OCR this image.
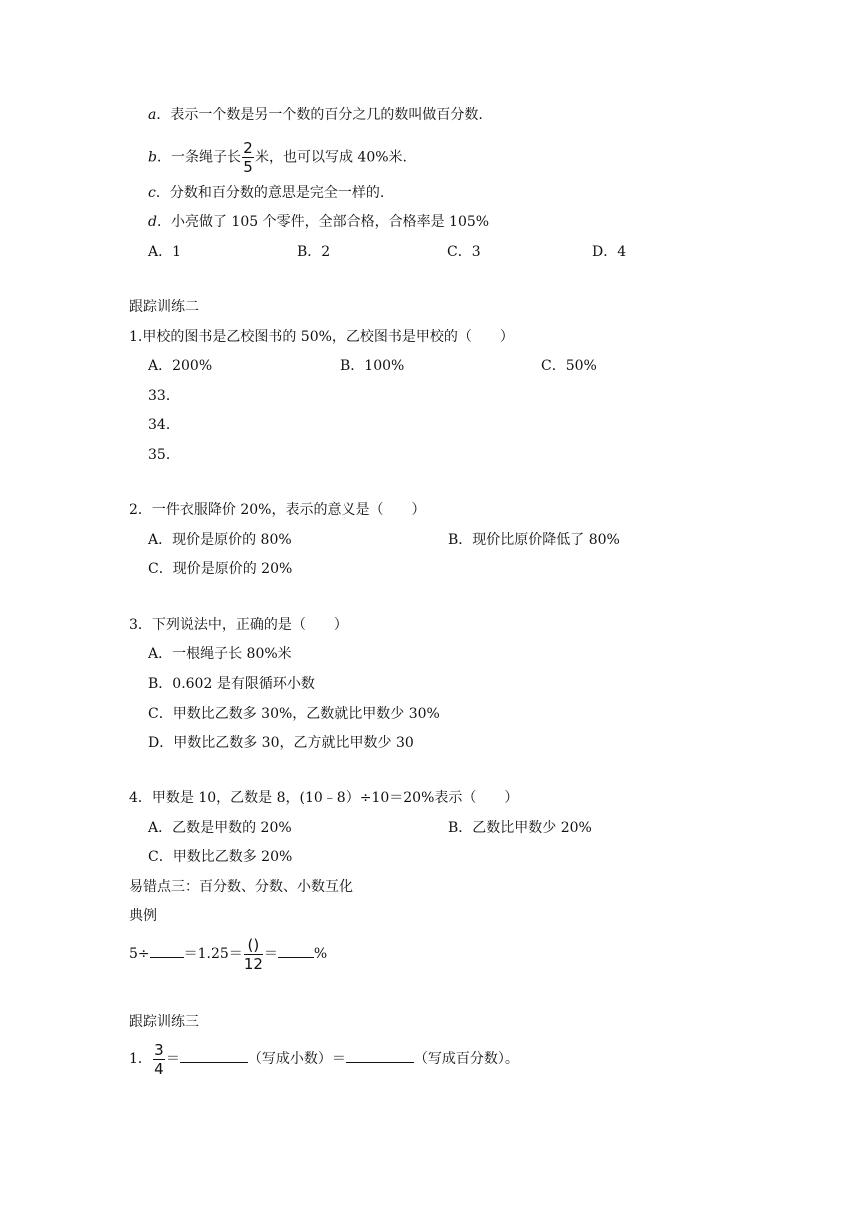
a．表示一个数是另一个数的百分之几的数叫做百分数.
b．一条绳子长 $\frac{2}{5}$ 米，也可以写成 40%米.
c．分数和百分数的意思是完全一样的.
d．小亮做了 105 个零件，全部合格，合格率是 105%
A．1	B．2	C．3	D．4
跟踪训练二
1.甲校的图书是乙校图书的 50%，乙校图书是甲校的（　　）
A．200%	B．100%	C．50%
33．
34．
35．
2．一件衣服降价 20%，表示的意义是（　　）
A．现价是原价的 80%	B．现价比原价降低了 80%
C．现价是原价的 20%
3．下列说法中，正确的是（　　）
A．一根绳子长 80%米
B．0.602 是有限循环小数
C．甲数比乙数多 30%，乙数就比甲数少 30%
D．甲数比乙数多 30，乙方就比甲数少 30
4．甲数是 10，乙数是 8，(10﹣8）÷10＝20%表示（　　）
A．乙数是甲数的 20%	B．乙数比甲数少 20%
C．甲数比乙数多 20%
易错点三：百分数、分数、小数互化
典例
$5\div =1.25= \frac{()}{12}$ ＝	%
跟踪训练三
1． $\frac{3}{4}$ ＝	（写成小数）＝	（写成百分数）。
